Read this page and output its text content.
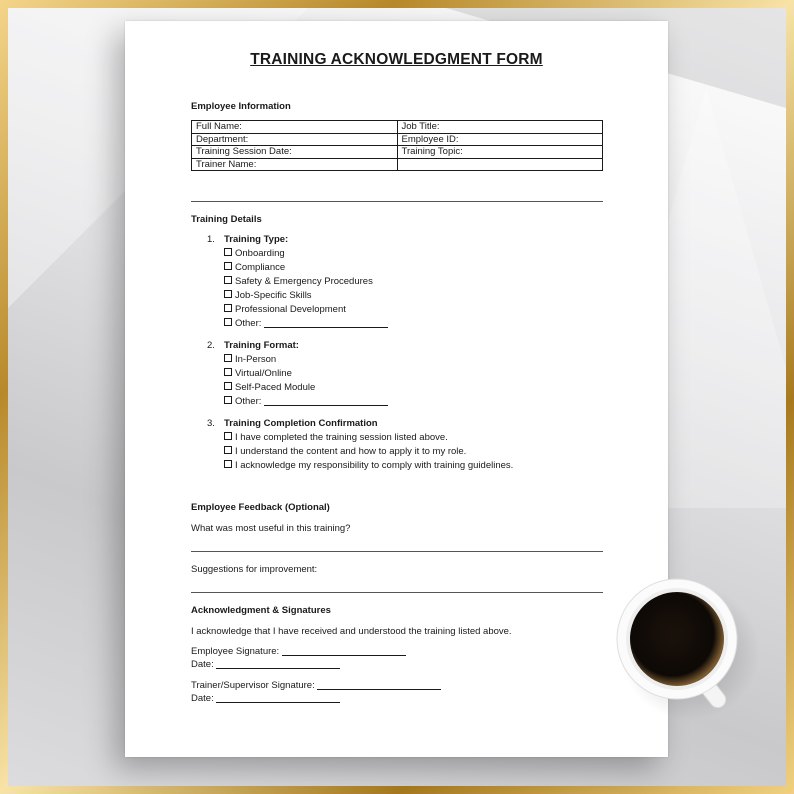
TRAINING ACKNOWLEDGMENT FORM
Employee Information
Full Name:	Job Title:
Department:	Employee ID:
Training Session Date:	Training Topic:
Trainer Name:	
Training Details
1. Training Type:
Onboarding
Compliance
Safety & Emergency Procedures
Job-Specific Skills
Professional Development
Other:
2. Training Format:
In-Person
Virtual/Online
Self-Paced Module
Other:
3. Training Completion Confirmation
I have completed the training session listed above.
I understand the content and how to apply it to my role.
I acknowledge my responsibility to comply with training guidelines.
Employee Feedback (Optional)
What was most useful in this training?
Suggestions for improvement:
Acknowledgment & Signatures
I acknowledge that I have received and understood the training listed above.
Employee Signature:
Date:
Trainer/Supervisor Signature:
Date:
